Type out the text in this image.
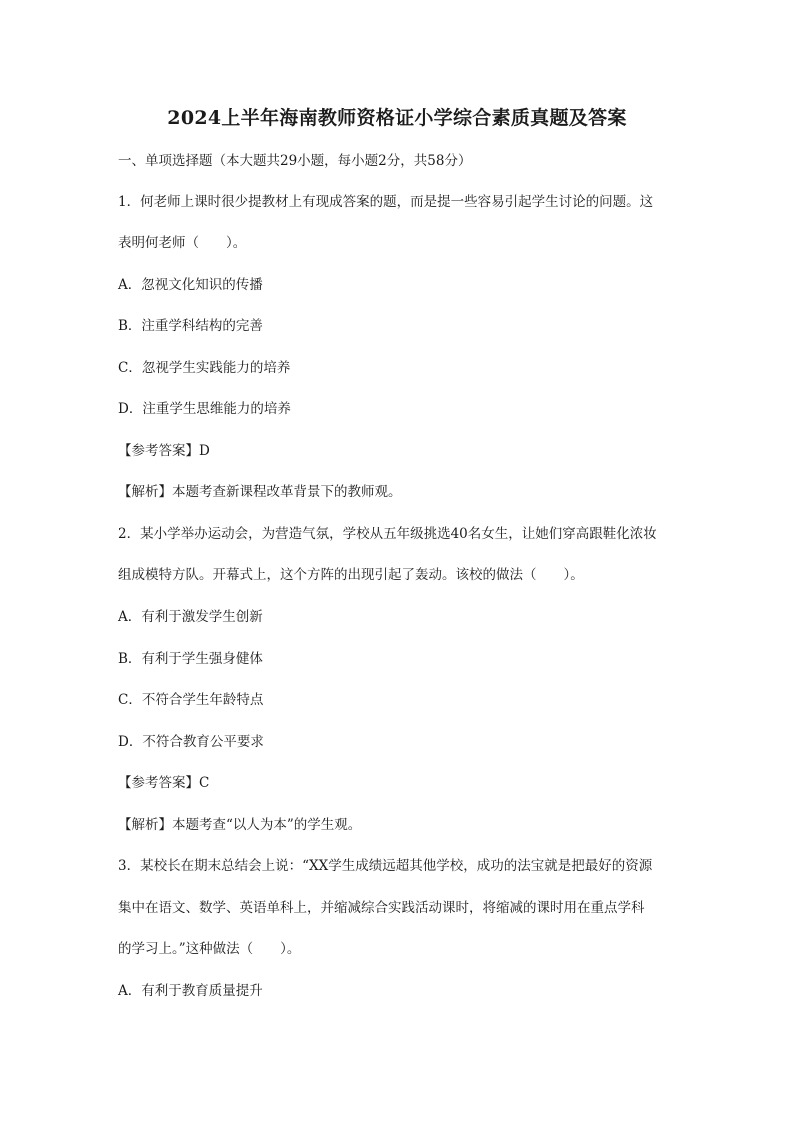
2024上半年海南教师资格证小学综合素质真题及答案
一、单项选择题（本大题共29小题，每小题2分，共58分）
1．何老师上课时很少提教材上有现成答案的题，而是提一些容易引起学生讨论的问题。这
表明何老师（　　）。
A．忽视文化知识的传播
B．注重学科结构的完善
C．忽视学生实践能力的培养
D．注重学生思维能力的培养
【参考答案】D
【解析】本题考查新课程改革背景下的教师观。
2．某小学举办运动会，为营造气氛，学校从五年级挑选40名女生，让她们穿高跟鞋化浓妆
组成模特方队。开幕式上，这个方阵的出现引起了轰动。该校的做法（　　）。
A．有利于激发学生创新
B．有利于学生强身健体
C．不符合学生年龄特点
D．不符合教育公平要求
【参考答案】C
【解析】本题考查“以人为本”的学生观。
3．某校长在期末总结会上说：“XX学生成绩远超其他学校，成功的法宝就是把最好的资源
集中在语文、数学、英语单科上，并缩减综合实践活动课时，将缩减的课时用在重点学科
的学习上。”这种做法（　　）。
A．有利于教育质量提升
